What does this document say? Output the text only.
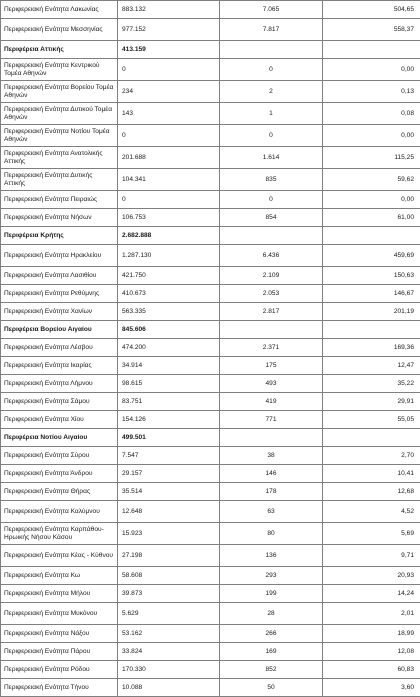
Περιφερειακή Ενότητα Λακωνίας	883.132	7.065	504,65
Περιφερειακή Ενότητα Μεσσηνίας	977.152	7.817	558,37
Περιφέρεια Αττικής	413.159		
Περιφερειακή Ενότητα Κεντρικού Τομέα Αθηνών	0	0	0,00
Περιφερειακή Ενότητα Βορείου Τομέα Αθηνών	234	2	0,13
Περιφερειακή Ενότητα Δυτικού Τομέα Αθηνών	143	1	0,08
Περιφερειακή Ενότητα Νοτίου Τομέα Αθηνών	0	0	0,00
Περιφερειακή Ενότητα Ανατολικής Αττικής	201.688	1.614	115,25
Περιφερειακή Ενότητα Δυτικής Αττικής	104.341	835	59,62
Περιφερειακή Ενότητα Πειραιώς	0	0	0,00
Περιφερειακή Ενότητα Νήσων	106.753	854	61,00
Περιφέρεια Κρήτης	2.682.888		
Περιφερειακή Ενότητα Ηρακλείου	1.287.130	6.436	459,69
Περιφερειακή Ενότητα Λασιθίου	421.750	2.109	150,63
Περιφερειακή Ενότητα Ρεθύμνης	410.673	2.053	146,67
Περιφερειακή Ενότητα Χανίων	563.335	2.817	201,19
Περιφέρεια Βορείου Αιγαίου	845.606		
Περιφερειακή Ενότητα Λέσβου	474.200	2.371	169,36
Περιφερειακή Ενότητα Ικαρίας	34.914	175	12,47
Περιφερειακή Ενότητα Λήμνου	98.615	493	35,22
Περιφερειακή Ενότητα Σάμου	83.751	419	29,91
Περιφερειακή Ενότητα Χίου	154.126	771	55,05
Περιφέρεια Νοτίου Αιγαίου	499.501		
Περιφερειακή Ενότητα Σύρου	7.547	38	2,70
Περιφερειακή Ενότητα Άνδρου	29.157	146	10,41
Περιφερειακή Ενότητα Θήρας	35.514	178	12,68
Περιφερειακή Ενότητα Καλύμνου	12.648	63	4,52
Περιφερειακή Ενότητα Καρπάθου-Ηρωικής Νήσου Κάσου	15.923	80	5,69
Περιφερειακή Ενότητα Κέας - Κύθνου	27.198	136	9,71
Περιφερειακή Ενότητα Κω	58.608	293	20,93
Περιφερειακή Ενότητα Μήλου	39.873	199	14,24
Περιφερειακή Ενότητα Μυκόνου	5.629	28	2,01
Περιφερειακή Ενότητα Νάξου	53.162	266	18,99
Περιφερειακή Ενότητα Πάρου	33.824	169	12,08
Περιφερειακή Ενότητα Ρόδου	170.330	852	60,83
Περιφερειακή Ενότητα Τήνου	10.088	50	3,60
